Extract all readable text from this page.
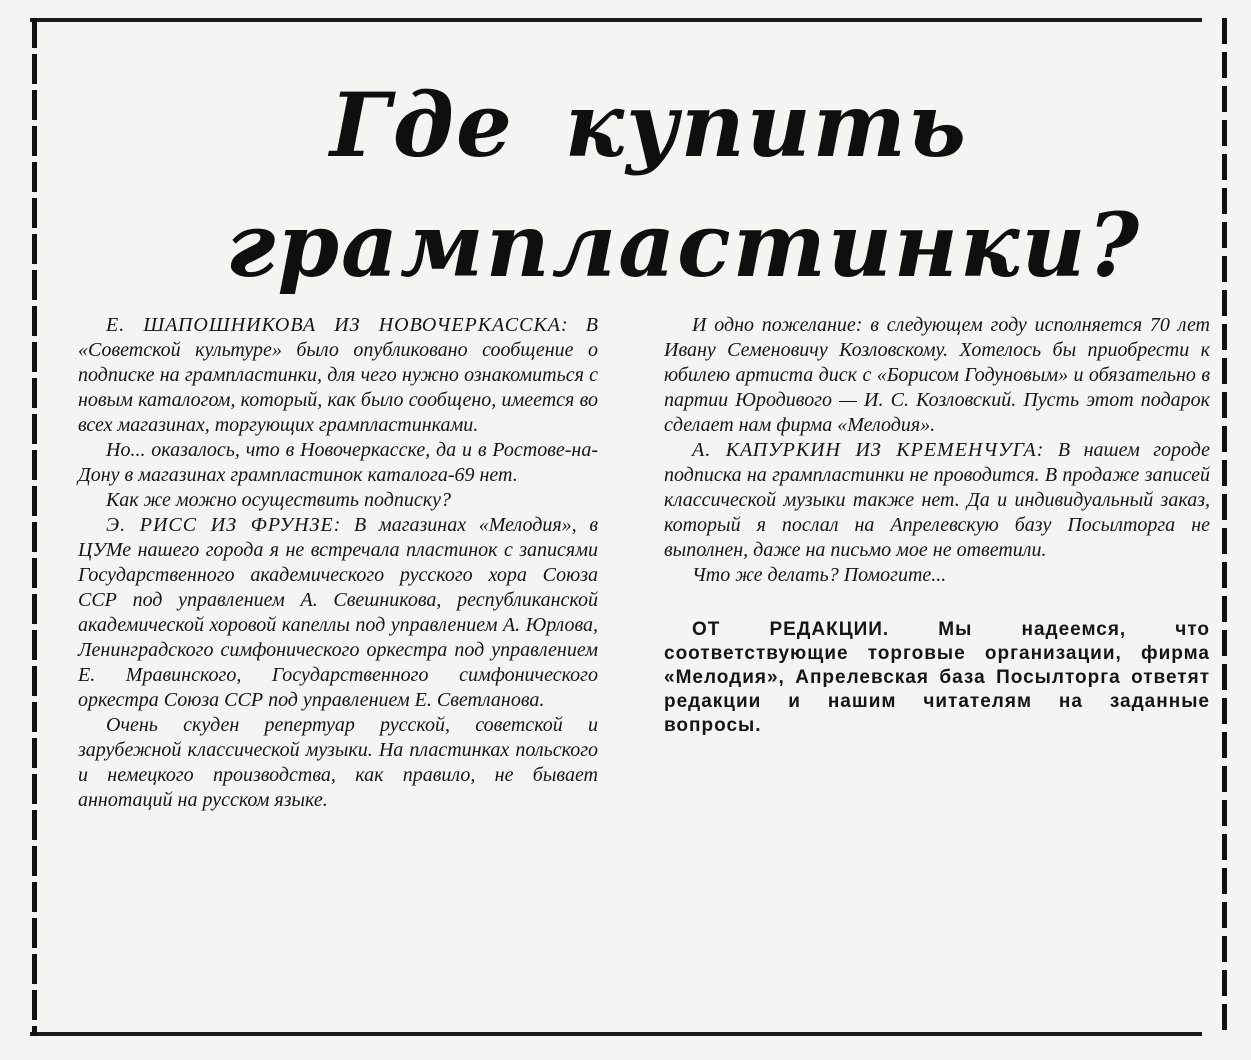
Где купить
грампластинки?

Е. ШАПОШНИКОВА ИЗ НОВОЧЕРКАССКА: В «Советской культуре» было опубликовано сообщение о подписке на грампластинки, для чего нужно ознакомиться с новым каталогом, который, как было сообщено, имеется во всех магазинах, торгующих грампластинками.

Но... оказалось, что в Новочеркасске, да и в Ростове-на-Дону в магазинах грампластинок каталога-69 нет.

Как же можно осуществить подписку?

Э. РИСС ИЗ ФРУНЗЕ: В магазинах «Мелодия», в ЦУМе нашего города я не встречала пластинок с записями Государственного академического русского хора Союза ССР под управлением А. Свешникова, республиканской академической хоровой капеллы под управлением А. Юрлова, Ленинградского симфонического оркестра под управлением Е. Мравинского, Государственного симфонического оркестра Союза ССР под управлением Е. Светланова.

Очень скуден репертуар русской, советской и зарубежной классической музыки. На пластинках польского и немецкого производства, как правило, не бывает аннотаций на русском языке.

И одно пожелание: в следующем году исполняется 70 лет Ивану Семеновичу Козловскому. Хотелось бы приобрести к юбилею артиста диск с «Борисом Годуновым» и обязательно в партии Юродивого — И. С. Козловский. Пусть этот подарок сделает нам фирма «Мелодия».

А. КАПУРКИН ИЗ КРЕМЕНЧУГА: В нашем городе подписка на грампластинки не проводится. В продаже записей классической музыки также нет. Да и индивидуальный заказ, который я послал на Апрелевскую базу Посылторга не выполнен, даже на письмо мое не ответили.

Что же делать? Помогите...

ОТ РЕДАКЦИИ.	Мы надеемся, что соответствующие торговые организации, фирма «Мелодия», Апрелевская база Посылторга ответят редакции и нашим читателям на заданные вопросы.
